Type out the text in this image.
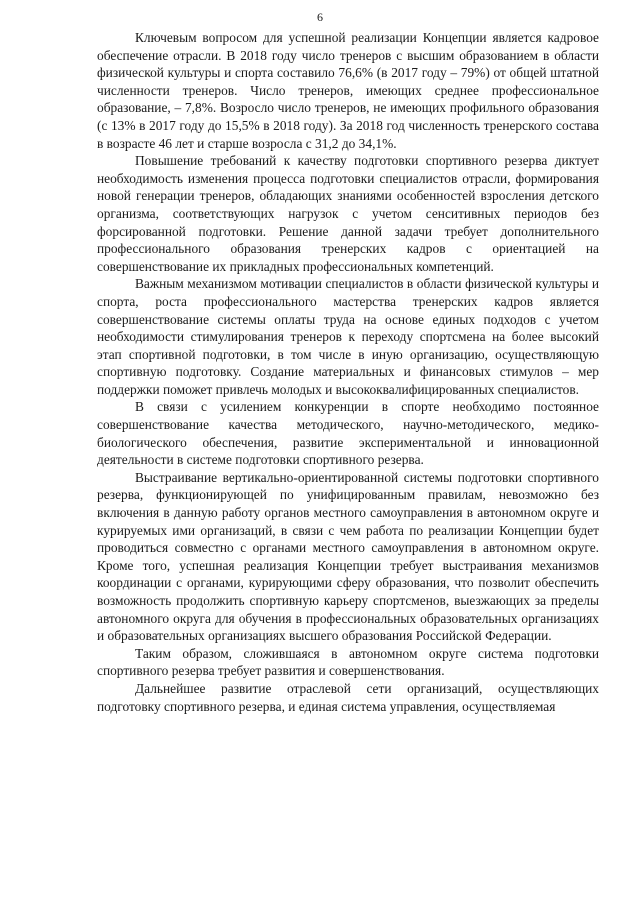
6

Ключевым вопросом для успешной реализации Концепции является кадровое обеспечение отрасли. В 2018 году число тренеров с высшим образованием в области физической культуры и спорта составило 76,6% (в 2017 году – 79%) от общей штатной численности тренеров. Число тренеров, имеющих среднее профессиональное образование, – 7,8%. Возросло число тренеров, не имеющих профильного образования (с 13% в 2017 году до 15,5% в 2018 году). За 2018 год численность тренерского состава в возрасте 46 лет и старше возросла с 31,2 до 34,1%.

Повышение требований к качеству подготовки спортивного резерва диктует необходимость изменения процесса подготовки специалистов отрасли, формирования новой генерации тренеров, обладающих знаниями особенностей взросления детского организма, соответствующих нагрузок с учетом сенситивных периодов без форсированной подготовки. Решение данной задачи требует дополнительного профессионального образования тренерских кадров с ориентацией на совершенствование их прикладных профессиональных компетенций.

Важным механизмом мотивации специалистов в области физической культуры и спорта, роста профессионального мастерства тренерских кадров является совершенствование системы оплаты труда на основе единых подходов с учетом необходимости стимулирования тренеров к переходу спортсмена на более высокий этап спортивной подготовки, в том числе в иную организацию, осуществляющую спортивную подготовку. Создание материальных и финансовых стимулов – мер поддержки поможет привлечь молодых и высококвалифицированных специалистов.

В связи с усилением конкуренции в спорте необходимо постоянное совершенствование качества методического, научно-методического, медико-биологического обеспечения, развитие экспериментальной и инновационной деятельности в системе подготовки спортивного резерва.

Выстраивание вертикально-ориентированной системы подготовки спортивного резерва, функционирующей по унифицированным правилам, невозможно без включения в данную работу органов местного самоуправления в автономном округе и курируемых ими организаций, в связи с чем работа по реализации Концепции будет проводиться совместно с органами местного самоуправления в автономном округе. Кроме того, успешная реализация Концепции требует выстраивания механизмов координации с органами, курирующими сферу образования, что позволит обеспечить возможность продолжить спортивную карьеру спортсменов, выезжающих за пределы автономного округа для обучения в профессиональных образовательных организациях и образовательных организациях высшего образования Российской Федерации.

Таким образом, сложившаяся в автономном округе система подготовки спортивного резерва требует развития и совершенствования.

Дальнейшее развитие отраслевой сети организаций, осуществляющих подготовку спортивного резерва, и единая система управления, осуществляемая
